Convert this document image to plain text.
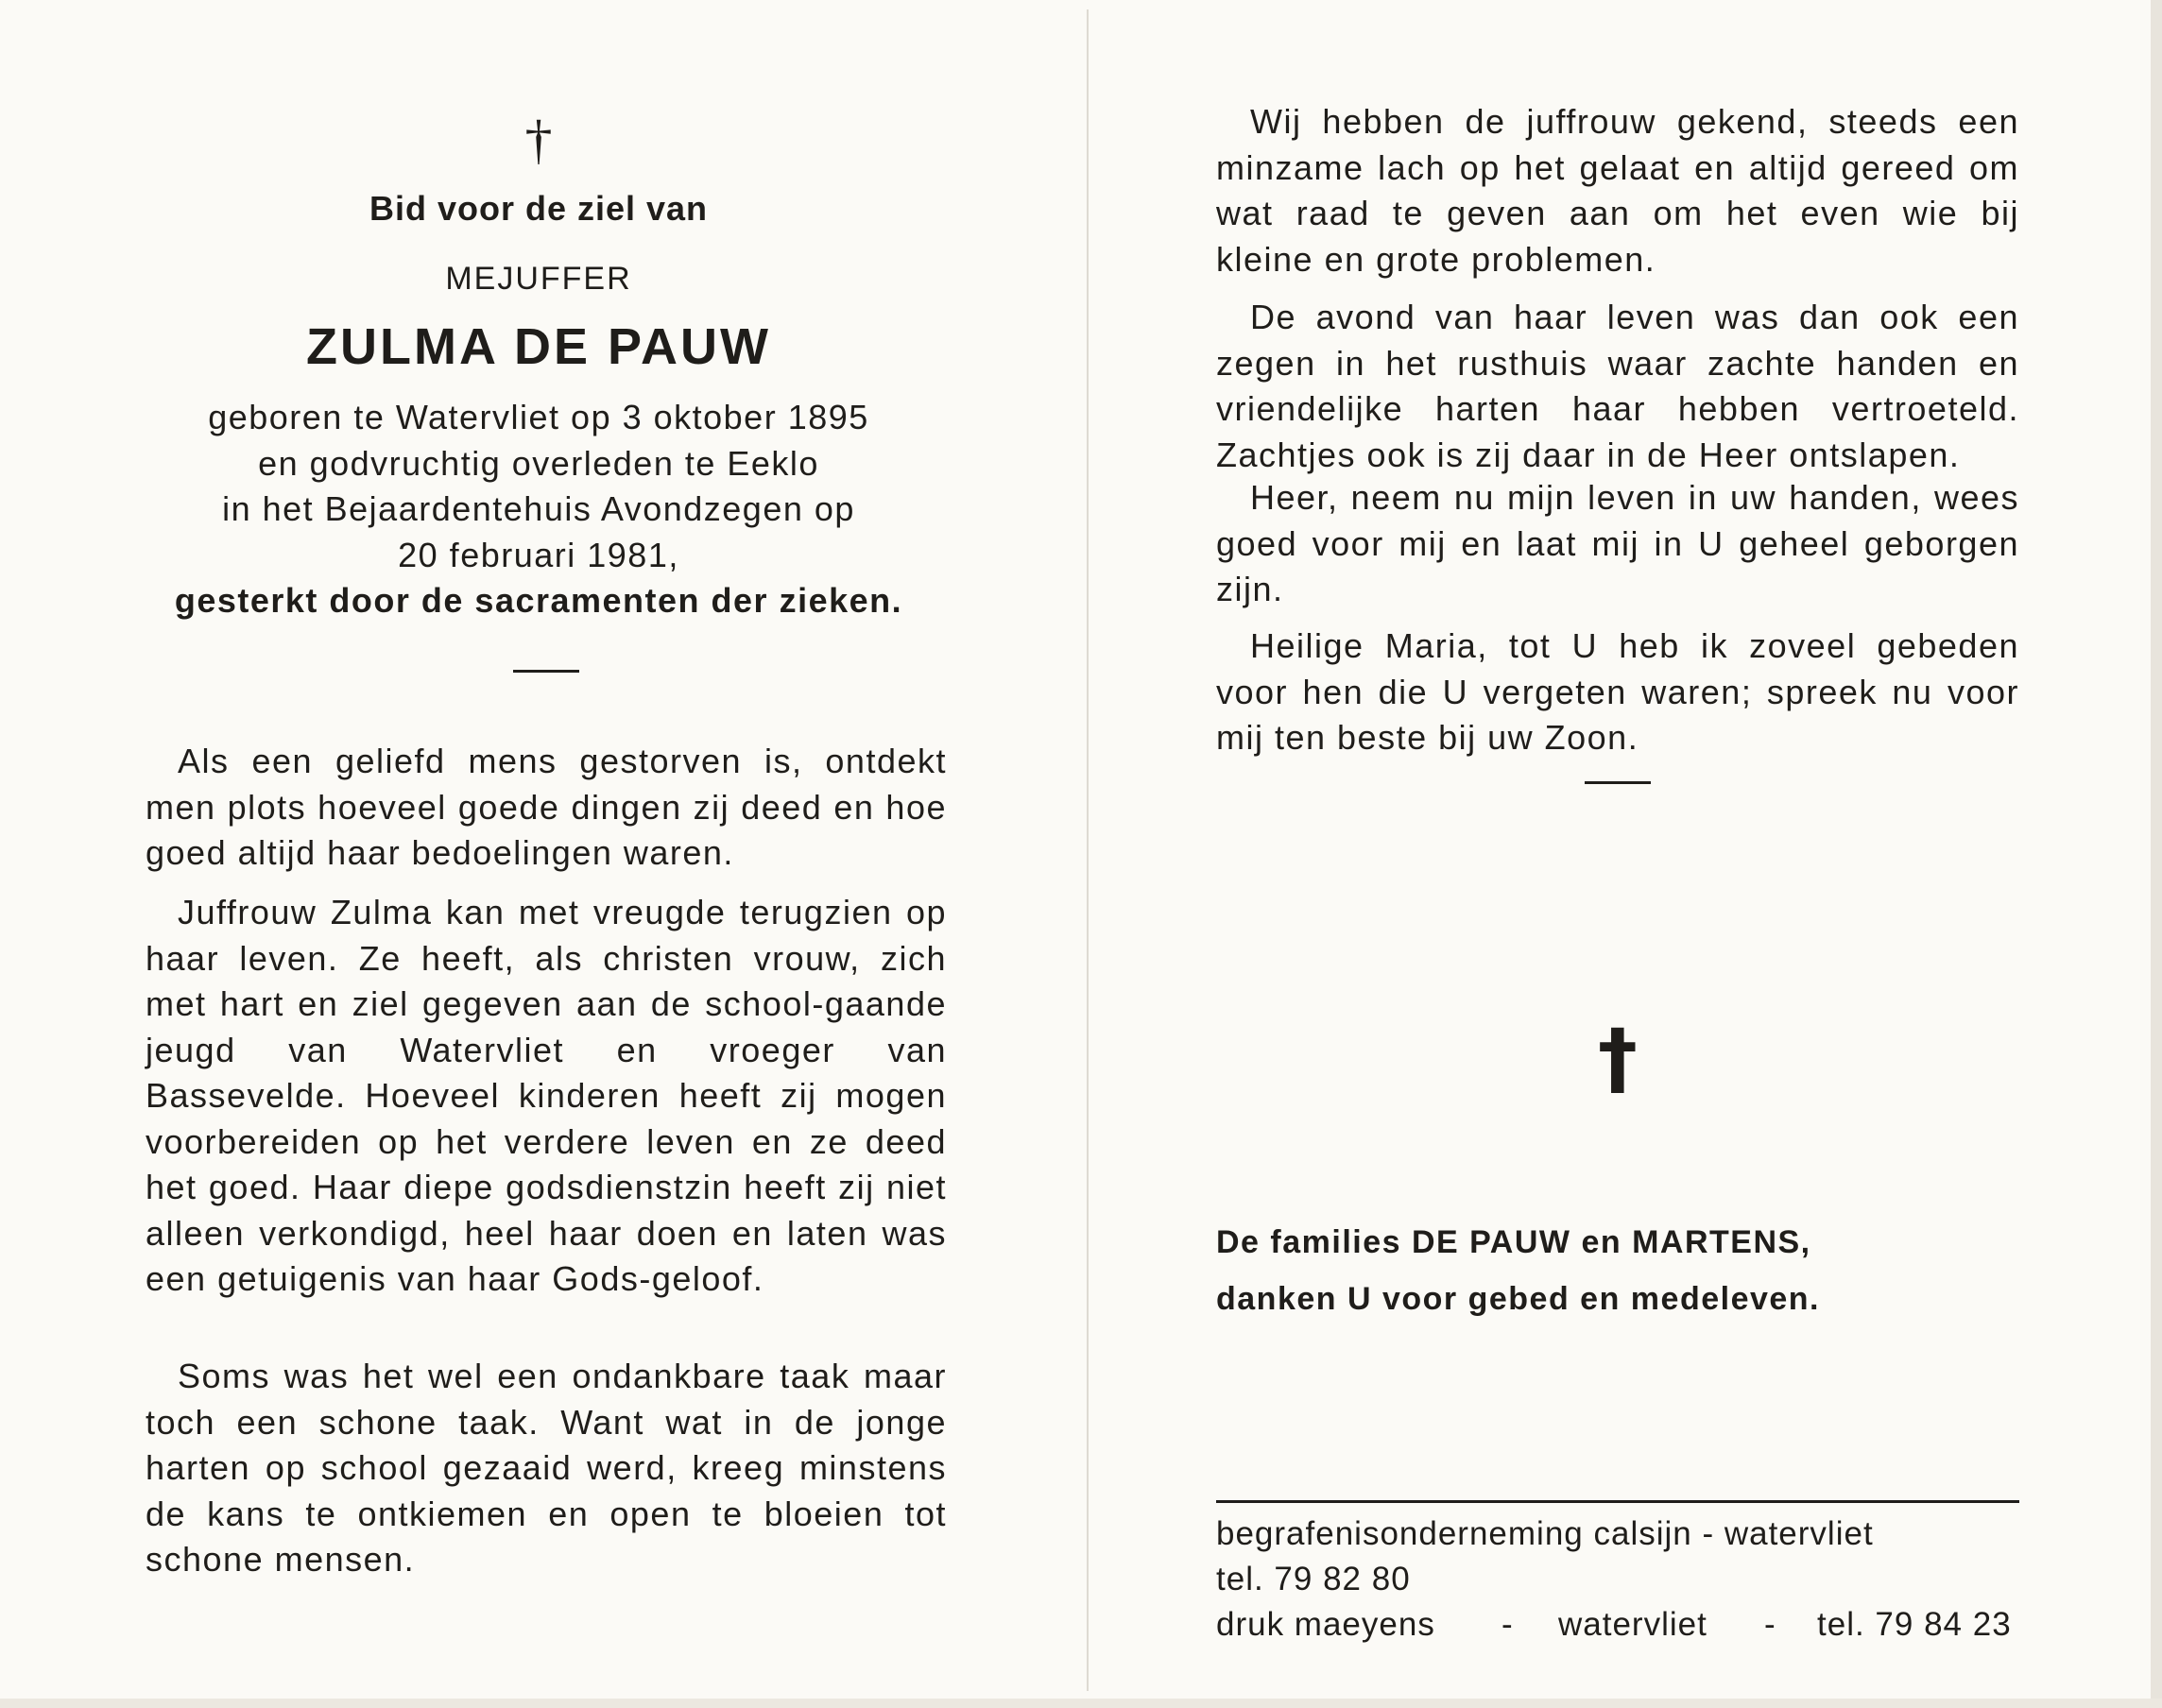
†
Bid voor de ziel van
MEJUFFER
ZULMA DE PAUW
geboren te Watervliet op 3 oktober 1895
en godvruchtig overleden te Eeklo
in het Bejaardentehuis Avondzegen op
20 februari 1981,
gesterkt door de sacramenten der zieken.

Als een geliefd mens gestorven is, ontdekt men plots hoeveel goede dingen zij deed en hoe goed altijd haar bedoelingen waren.

Juffrouw Zulma kan met vreugde terugzien op haar leven. Ze heeft, als christen vrouw, zich met hart en ziel gegeven aan de school-gaande jeugd van Watervliet en vroeger van Bassevelde. Hoeveel kinderen heeft zij mogen voorbereiden op het verdere leven en ze deed het goed. Haar diepe godsdienstzin heeft zij niet alleen verkondigd, heel haar doen en laten was een getuigenis van haar Gods-geloof.

Soms was het wel een ondankbare taak maar toch een schone taak. Want wat in de jonge harten op school gezaaid werd, kreeg minstens de kans te ontkiemen en open te bloeien tot schone mensen.

Wij hebben de juffrouw gekend, steeds een minzame lach op het gelaat en altijd gereed om wat raad te geven aan om het even wie bij kleine en grote problemen.

De avond van haar leven was dan ook een zegen in het rusthuis waar zachte handen en vriendelijke harten haar hebben vertroeteld. Zachtjes ook is zij daar in de Heer ontslapen.

Heer, neem nu mijn leven in uw handen, wees goed voor mij en laat mij in U geheel geborgen zijn.

Heilige Maria, tot U heb ik zoveel gebeden voor hen die U vergeten waren; spreek nu voor mij ten beste bij uw Zoon.

†
De families DE PAUW en MARTENS,
danken U voor gebed en medeleven.
begrafenisonderneming calsijn - watervliet
tel. 79 82 80
druk maeyens - watervliet - tel. 79 84 23
